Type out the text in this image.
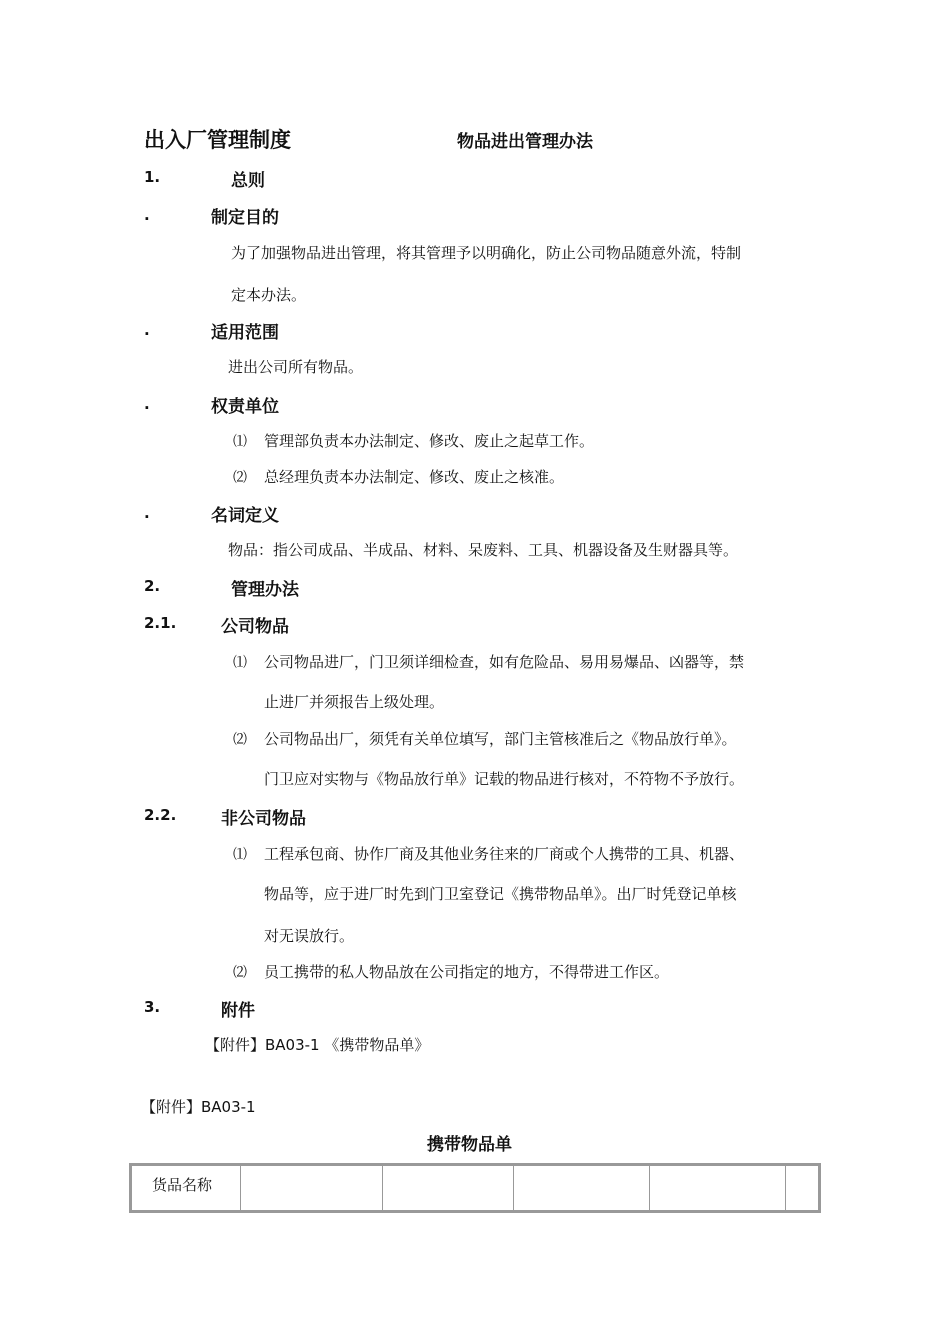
出入厂管理制度	物品进出管理办法
1.	总则
.	制定目的
为了加强物品进出管理，将其管理予以明确化，防止公司物品随意外流，特制
定本办法。
.	适用范围
进出公司所有物品。
.	权责单位
⑴ 管理部负责本办法制定、修改、废止之起草工作。
⑵ 总经理负责本办法制定、修改、废止之核准。
.	名词定义
物品：指公司成品、半成品、材料、呆废料、工具、机器设备及生财器具等。
2.	管理办法
2.1.	公司物品
⑴ 公司物品进厂，门卫须详细检查，如有危险品、易用易爆品、凶器等，禁
止进厂并须报告上级处理。
⑵ 公司物品出厂，须凭有关单位填写，部门主管核准后之《物品放行单》。
门卫应对实物与《物品放行单》记载的物品进行核对，不符物不予放行。
2.2.	非公司物品
⑴ 工程承包商、协作厂商及其他业务往来的厂商或个人携带的工具、机器、
物品等，应于进厂时先到门卫室登记《携带物品单》。出厂时凭登记单核
对无误放行。
⑵ 员工携带的私人物品放在公司指定的地方，不得带进工作区。
3.	附件
【附件】BA03-1 《携带物品单》
【附件】BA03-1
携带物品单
货品名称					
